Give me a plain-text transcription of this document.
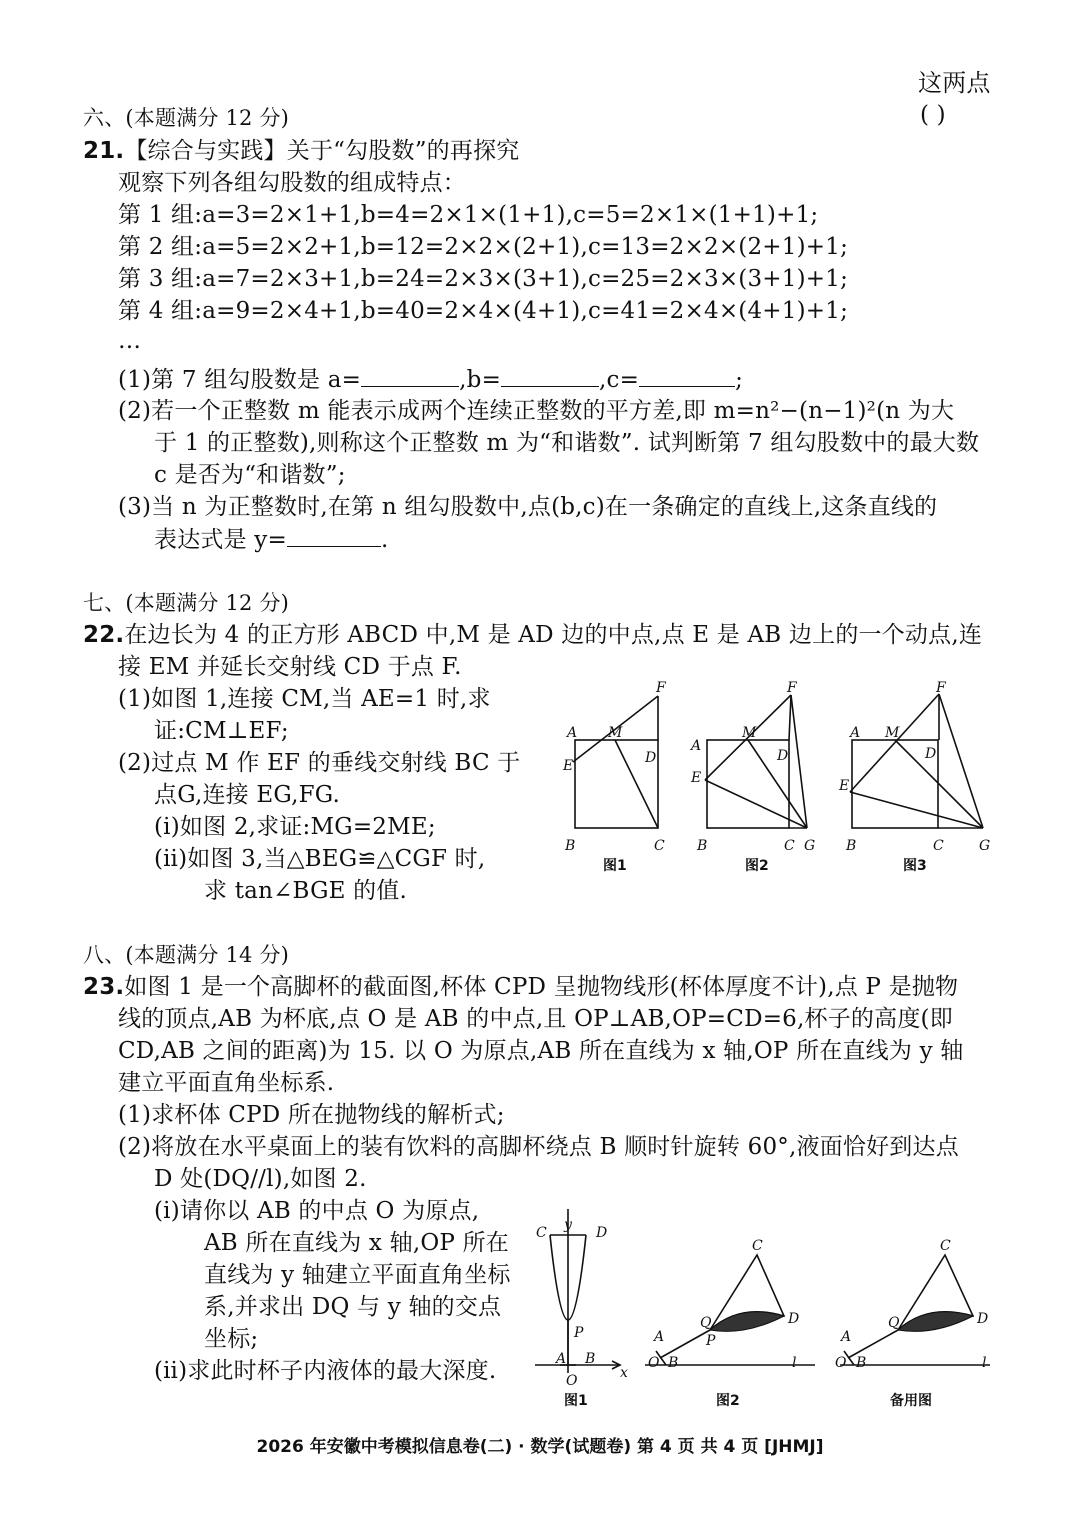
这两点
( )
六、(本题满分 12 分)
21.【综合与实践】关于“勾股数”的再探究
观察下列各组勾股数的组成特点：
第 1 组:a=3=2×1+1,b=4=2×1×(1+1),c=5=2×1×(1+1)+1;
第 2 组:a=5=2×2+1,b=12=2×2×(2+1),c=13=2×2×(2+1)+1;
第 3 组:a=7=2×3+1,b=24=2×3×(3+1),c=25=2×3×(3+1)+1;
第 4 组:a=9=2×4+1,b=40=2×4×(4+1),c=41=2×4×(4+1)+1;
…
(1)第 7 组勾股数是 a=	,b=	,c=	;
(2)若一个正整数 m 能表示成两个连续正整数的平方差,即 m=n²−(n−1)²(n 为大
于 1 的正整数),则称这个正整数 m 为“和谐数”. 试判断第 7 组勾股数中的最大数
c 是否为“和谐数”;
(3)当 n 为正整数时,在第 n 组勾股数中,点(b,c)在一条确定的直线上,这条直线的
表达式是 y=	.
七、(本题满分 12 分)
22.在边长为 4 的正方形 ABCD 中,M 是 AD 边的中点,点 E 是 AB 边上的一个动点,连
接 EM 并延长交射线 CD 于点 F.
(1)如图 1,连接 CM,当 AE=1 时,求
证:CM⊥EF;
(2)过点 M 作 EF 的垂线交射线 BC 于
点G,连接 EG,FG.
(ⅰ)如图 2,求证:MG=2ME;
(ⅱ)如图 3,当△BEG≌△CGF 时,
求 tan∠BGE 的值.
A M
F
D
E
B	C
A
M
F
D
E
B	C G
A M
F
D
E
B	C	G
图1	图2	图3
八、(本题满分 14 分)
23.如图 1 是一个高脚杯的截面图,杯体 CPD 呈抛物线形(杯体厚度不计),点 P 是抛物
线的顶点,AB 为杯底,点 O 是 AB 的中点,且 OP⊥AB,OP=CD=6,杯子的高度(即
CD,AB 之间的距离)为 15. 以 O 为原点,AB 所在直线为 x 轴,OP 所在直线为 y 轴
建立平面直角坐标系.
(1)求杯体 CPD 所在抛物线的解析式;
(2)将放在水平桌面上的装有饮料的高脚杯绕点 B 顺时针旋转 60°,液面恰好到达点
D 处(DQ//l),如图 2.
(ⅰ)请你以 AB 的中点 O 为原点,
AB 所在直线为 x 轴,OP 所在
直线为 y 轴建立平面直角坐标
系,并求出 DQ 与 y 轴的交点
坐标;
(ⅱ)求此时杯子内液体的最大深度.
y
C	D
P
A B
O	x
A
O B
P
Q
C
D
l
A
O B
Q
C
D
l
图1	图2	备用图
2026 年安徽中考模拟信息卷(二) · 数学(试题卷) 第 4 页 共 4 页 [JHMJ]
